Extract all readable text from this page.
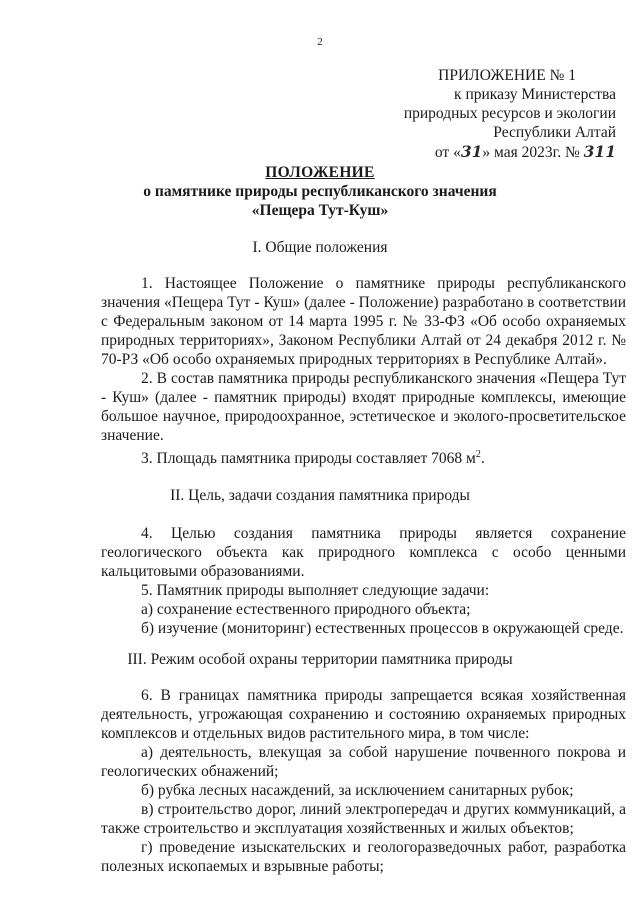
2
ПРИЛОЖЕНИЕ № 1
к приказу Министерства
природных ресурсов и экологии
Республики Алтай
от «31» мая 2023г. № 311
ПОЛОЖЕНИЕ
о памятнике природы республиканского значения
«Пещера Тут-Куш»
I. Общие положения

1. Настоящее Положение о памятнике природы республиканского значения «Пещера Тут - Куш» (далее - Положение) разработано в соответствии с Федеральным законом от 14 марта 1995 г. № 33-ФЗ «Об особо охраняемых природных территориях», Законом Республики Алтай от 24 декабря 2012 г. № 70-РЗ «Об особо охраняемых природных территориях в Республике Алтай».

2. В состав памятника природы республиканского значения «Пещера Тут - Куш» (далее - памятник природы) входят природные комплексы, имеющие большое научное, природоохранное, эстетическое и эколого-просветительское значение.

3. Площадь памятника природы составляет 7068 $м^2$.

II. Цель, задачи создания памятника природы

4. Целью создания памятника природы является сохранение геологического объекта как природного комплекса с особо ценными кальцитовыми образованиями.

5. Памятник природы выполняет следующие задачи:

а) сохранение естественного природного объекта;

б) изучение (мониторинг) естественных процессов в окружающей среде.

III. Режим особой охраны территории памятника природы

6. В границах памятника природы запрещается всякая хозяйственная деятельность, угрожающая сохранению и состоянию охраняемых природных комплексов и отдельных видов растительного мира, в том числе:

а) деятельность, влекущая за собой нарушение почвенного покрова и геологических обнажений;

б) рубка лесных насаждений, за исключением санитарных рубок;

в) строительство дорог, линий электропередач и других коммуникаций, а также строительство и эксплуатация хозяйственных и жилых объектов;

г) проведение изыскательских и геологоразведочных работ, разработка полезных ископаемых и взрывные работы;
